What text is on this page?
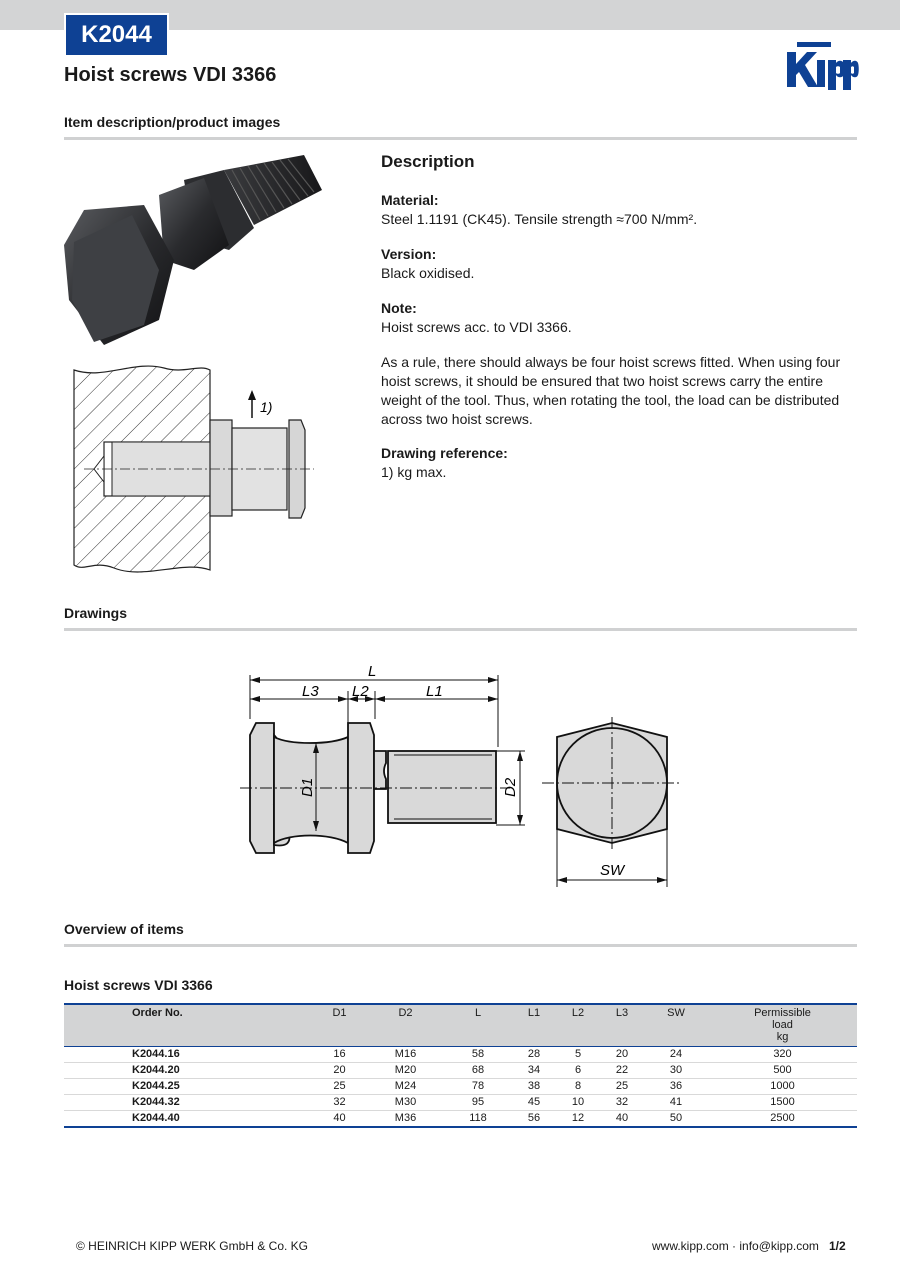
K2044
Hoist screws VDI 3366
Item description/product images
1)
Description
Material:

Steel 1.1191 (CK45). Tensile strength ≈700 N/mm².

Version:

Black oxidised.

Note:

Hoist screws acc. to VDI 3366.

As a rule, there should always be four hoist screws fitted. When using four hoist screws, it should be ensured that two hoist screws carry the entire weight of the tool. Thus, when rotating the tool, the load can be distributed across two hoist screws.

Drawing reference:

1) kg max.

Drawings
L
L3 L2	L1
D1	D2
SW
Overview of items
Hoist screws VDI 3366
Order No.	D1	D2	L	L1	L2	L3	SW	Permissible
load
kg

K2044.16	16	M16	58	28	5	20	24	320
K2044.20	20	M20	68	34	6	22	30	500
K2044.25	25	M24	78	38	8	25	36	1000
K2044.32	32	M30	95	45	10	32	41	1500
K2044.40	40	M36	118	56	12	40	50	2500
© HEINRICH KIPP WERK GmbH & Co. KG	www.kipp.com · info@kipp.com 1/2
